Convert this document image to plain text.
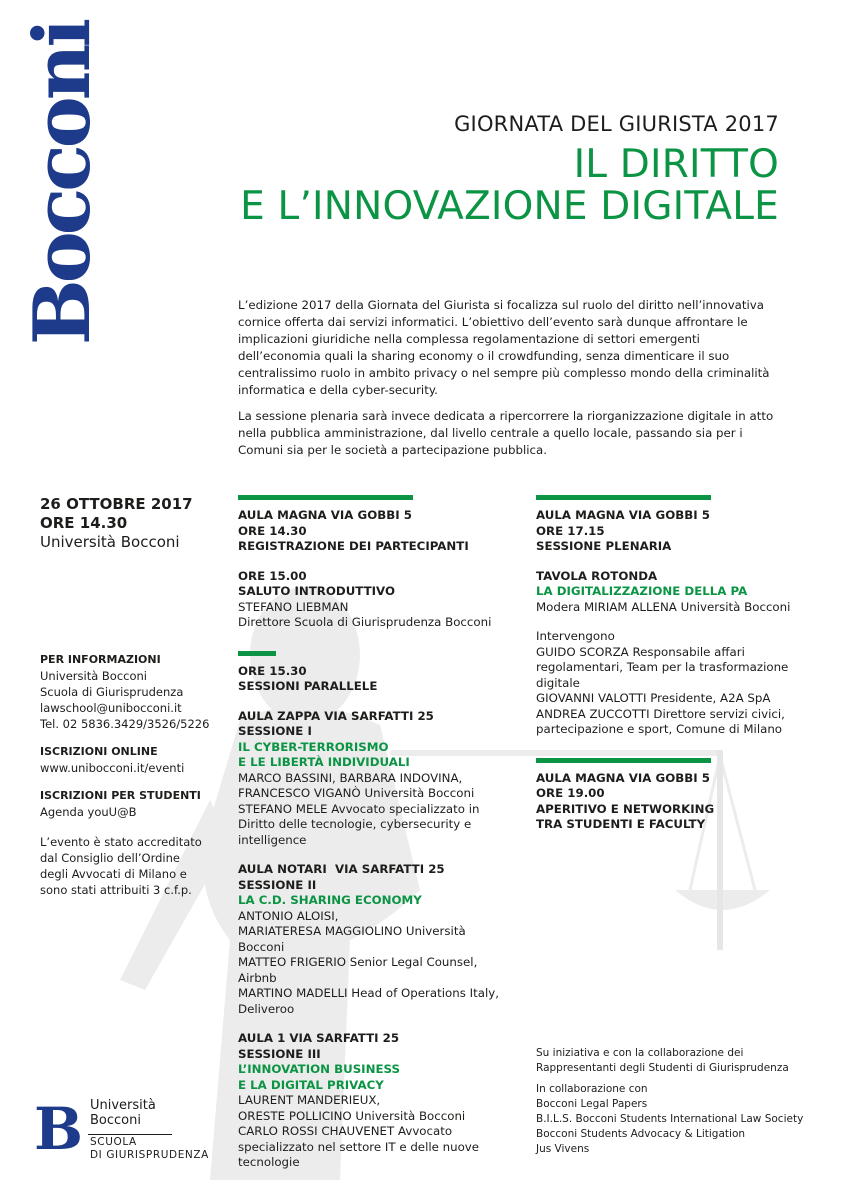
Bocconi	GIORNATA DEL GIURISTA 2017
IL DIRITTO
E L’INNOVAZIONE DIGITALE

L’edizione 2017 della Giornata del Giurista si focalizza sul ruolo del diritto nell’innovativa cornice offerta dai servizi informatici. L’obiettivo dell’evento sarà dunque affrontare le implicazioni giuridiche nella complessa regolamentazione di settori emergenti dell’economia quali la sharing economy o il crowdfunding, senza dimenticare il suo centralissimo ruolo in ambito privacy o nel sempre più complesso mondo della criminalità informatica e della cyber-security.

La sessione plenaria sarà invece dedicata a ripercorrere la riorganizzazione digitale in atto nella pubblica amministrazione, dal livello centrale a quello locale, passando sia per i Comuni sia per le società a partecipazione pubblica.

26 OTTOBRE 2017
ORE 14.30
Università Bocconi
PER INFORMAZIONI
Università Bocconi
Scuola di Giurisprudenza
lawschool@unibocconi.it
Tel. 02 5836.3429/3526/5226
ISCRIZIONI ONLINE
www.unibocconi.it/eventi
ISCRIZIONI PER STUDENTI
Agenda youU@B
L’evento è stato accreditato dal Consiglio dell’Ordine degli Avvocati di Milano e sono stati attribuiti 3 c.f.p.
AULA MAGNA VIA GOBBI 5
ORE 14.30
REGISTRAZIONE DEI PARTECIPANTI
ORE 15.00
SALUTO INTRODUTTIVO
STEFANO LIEBMAN
Direttore Scuola di Giurisprudenza Bocconi
ORE 15.30
SESSIONI PARALLELE
AULA ZAPPA VIA SARFATTI 25
SESSIONE I
IL CYBER-TERRORISMO
E LE LIBERTÀ INDIVIDUALI
MARCO BASSINI, BARBARA INDOVINA,
FRANCESCO VIGANÒ Università Bocconi
STEFANO MELE Avvocato specializzato in Diritto delle tecnologie, cybersecurity e intelligence
AULA NOTARI  VIA SARFATTI 25
SESSIONE II
LA C.D. SHARING ECONOMY
ANTONIO ALOISI,
MARIATERESA MAGGIOLINO Università Bocconi
MATTEO FRIGERIO Senior Legal Counsel, Airbnb
MARTINO MADELLI Head of Operations Italy, Deliveroo
AULA 1 VIA SARFATTI 25
SESSIONE III
L’INNOVATION BUSINESS
E LA DIGITAL PRIVACY
LAURENT MANDERIEUX,
ORESTE POLLICINO Università Bocconi
CARLO ROSSI CHAUVENET Avvocato specializzato nel settore IT e delle nuove tecnologie
AULA MAGNA VIA GOBBI 5
ORE 17.15
SESSIONE PLENARIA
TAVOLA ROTONDA
LA DIGITALIZZAZIONE DELLA PA
Modera MIRIAM ALLENA Università Bocconi
Intervengono
GUIDO SCORZA Responsabile affari regolamentari, Team per la trasformazione digitale
GIOVANNI VALOTTI Presidente, A2A SpA
ANDREA ZUCCOTTI Direttore servizi civici, partecipazione e sport, Comune di Milano
AULA MAGNA VIA GOBBI 5
ORE 19.00
APERITIVO E NETWORKING
TRA STUDENTI E FACULTY

Su iniziativa e con la collaborazione dei Rappresentanti degli Studenti di Giurisprudenza

In collaborazione con
Bocconi Legal Papers
B.I.L.S. Bocconi Students International Law Society
Bocconi Students Advocacy & Litigation
Jus Vivens
B Università
Bocconi
SCUOLA
DI GIURISPRUDENZA
